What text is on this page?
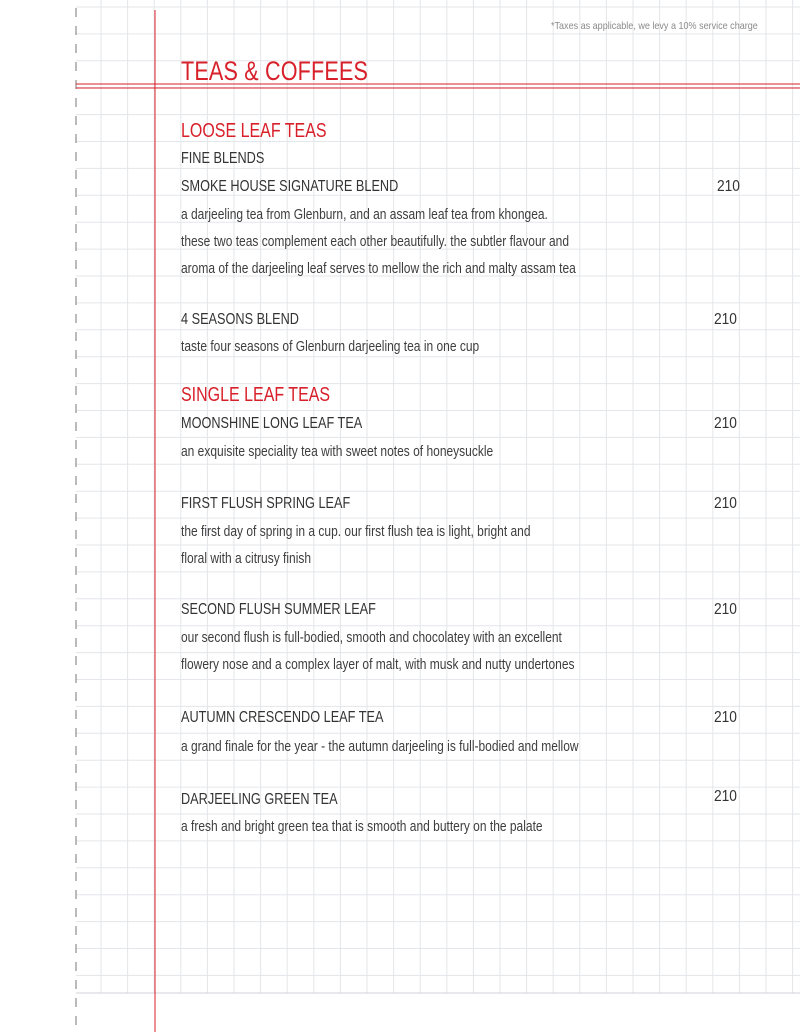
*Taxes as applicable, we levy a 10% service charge
TEAS & COFFEES
LOOSE LEAF TEAS
FINE BLENDS
SMOKE HOUSE SIGNATURE BLEND	210
a darjeeling tea from Glenburn, and an assam leaf tea from khongea.
these two teas complement each other beautifully. the subtler flavour and
aroma of the darjeeling leaf serves to mellow the rich and malty assam tea
4 SEASONS BLEND	210
taste four seasons of Glenburn darjeeling tea in one cup
SINGLE LEAF TEAS
MOONSHINE LONG LEAF TEA	210
an exquisite speciality tea with sweet notes of honeysuckle
FIRST FLUSH SPRING LEAF	210
the first day of spring in a cup. our first flush tea is light, bright and
floral with a citrusy finish
SECOND FLUSH SUMMER LEAF	210
our second flush is full-bodied, smooth and chocolatey with an excellent
flowery nose and a complex layer of malt, with musk and nutty undertones
AUTUMN CRESCENDO LEAF TEA	210
a grand finale for the year - the autumn darjeeling is full-bodied and mellow
DARJEELING GREEN TEA	210
a fresh and bright green tea that is smooth and buttery on the palate
